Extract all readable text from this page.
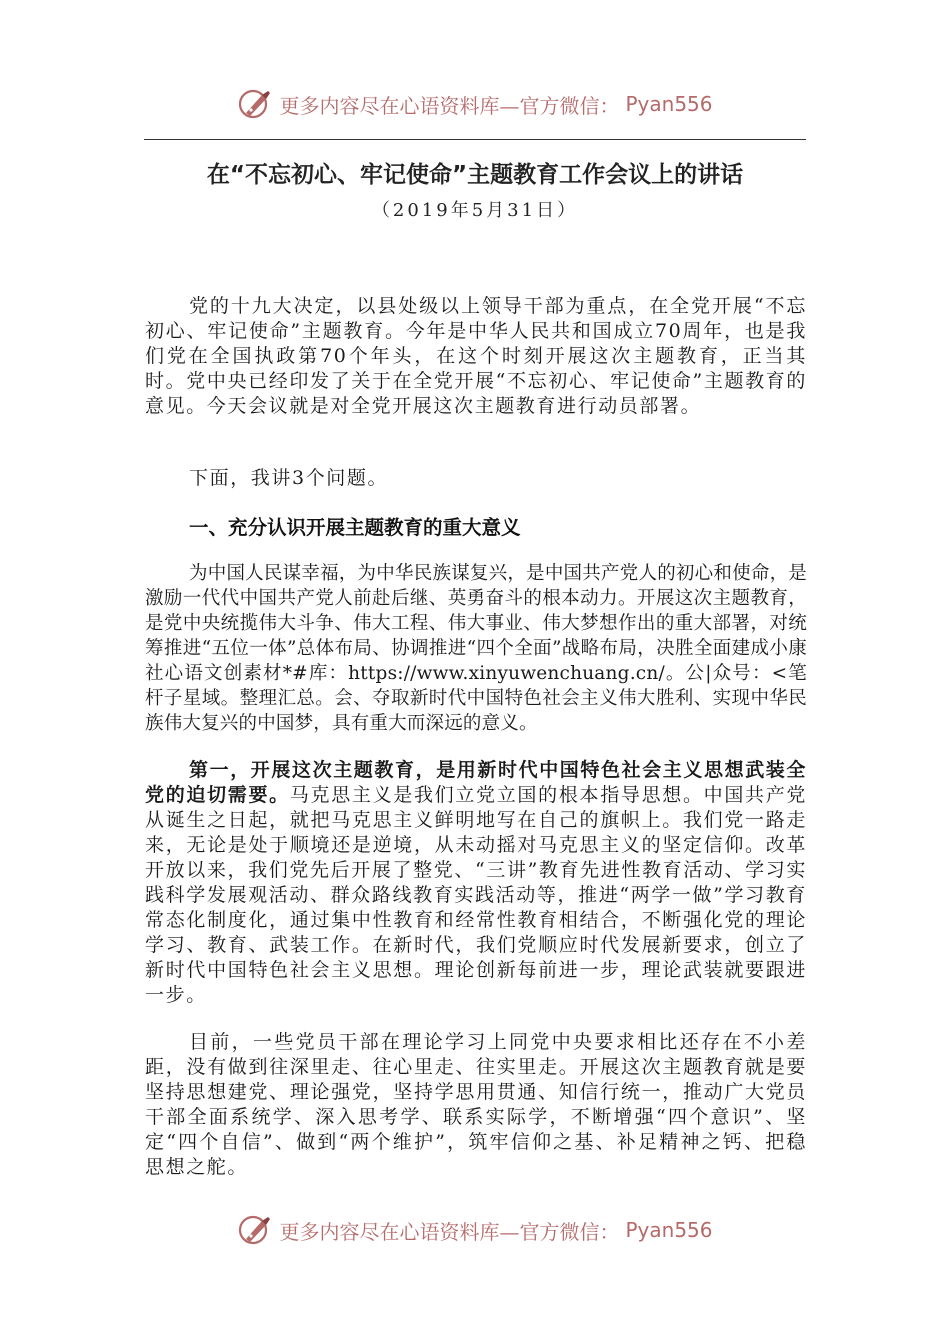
更多内容尽在心语资料库—官方微信： Pyan556
在“不忘初心、牢记使命”主题教育工作会议上的讲话
（2019年5月31日）

党的十九大决定，以县处级以上领导干部为重点，在全党开展“不忘初心、牢记使命”主题教育。今年是中华人民共和国成立70周年，也是我们党在全国执政第70个年头，在这个时刻开展这次主题教育，正当其时。党中央已经印发了关于在全党开展“不忘初心、牢记使命”主题教育的意见。今天会议就是对全党开展这次主题教育进行动员部署。

下面，我讲3个问题。

一、充分认识开展主题教育的重大意义

为中国人民谋幸福，为中华民族谋复兴，是中国共产党人的初心和使命，是激励一代代中国共产党人前赴后继、英勇奋斗的根本动力。开展这次主题教育，是党中央统揽伟大斗争、伟大工程、伟大事业、伟大梦想作出的重大部署，对统筹推进“五位一体”总体布局、协调推进“四个全面”战略布局，决胜全面建成小康社心语文创素材*#库：https://www.xinyuwenchuang.cn/。公|众号：<笔杆子星域。整理汇总。会、夺取新时代中国特色社会主义伟大胜利、实现中华民族伟大复兴的中国梦，具有重大而深远的意义。

第一，开展这次主题教育，是用新时代中国特色社会主义思想武装全党的迫切需要。马克思主义是我们立党立国的根本指导思想。中国共产党从诞生之日起，就把马克思主义鲜明地写在自己的旗帜上。我们党一路走来，无论是处于顺境还是逆境，从未动摇对马克思主义的坚定信仰。改革开放以来，我们党先后开展了整党、“三讲”教育先进性教育活动、学习实践科学发展观活动、群众路线教育实践活动等，推进“两学一做”学习教育常态化制度化，通过集中性教育和经常性教育相结合，不断强化党的理论学习、教育、武装工作。在新时代，我们党顺应时代发展新要求，创立了新时代中国特色社会主义思想。理论创新每前进一步，理论武装就要跟进一步。

目前，一些党员干部在理论学习上同党中央要求相比还存在不小差距，没有做到往深里走、往心里走、往实里走。开展这次主题教育就是要坚持思想建党、理论强党，坚持学思用贯通、知信行统一，推动广大党员干部全面系统学、深入思考学、联系实际学，不断增强“四个意识”、坚定“四个自信”、做到“两个维护”，筑牢信仰之基、补足精神之钙、把稳思想之舵。

更多内容尽在心语资料库—官方微信： Pyan556
